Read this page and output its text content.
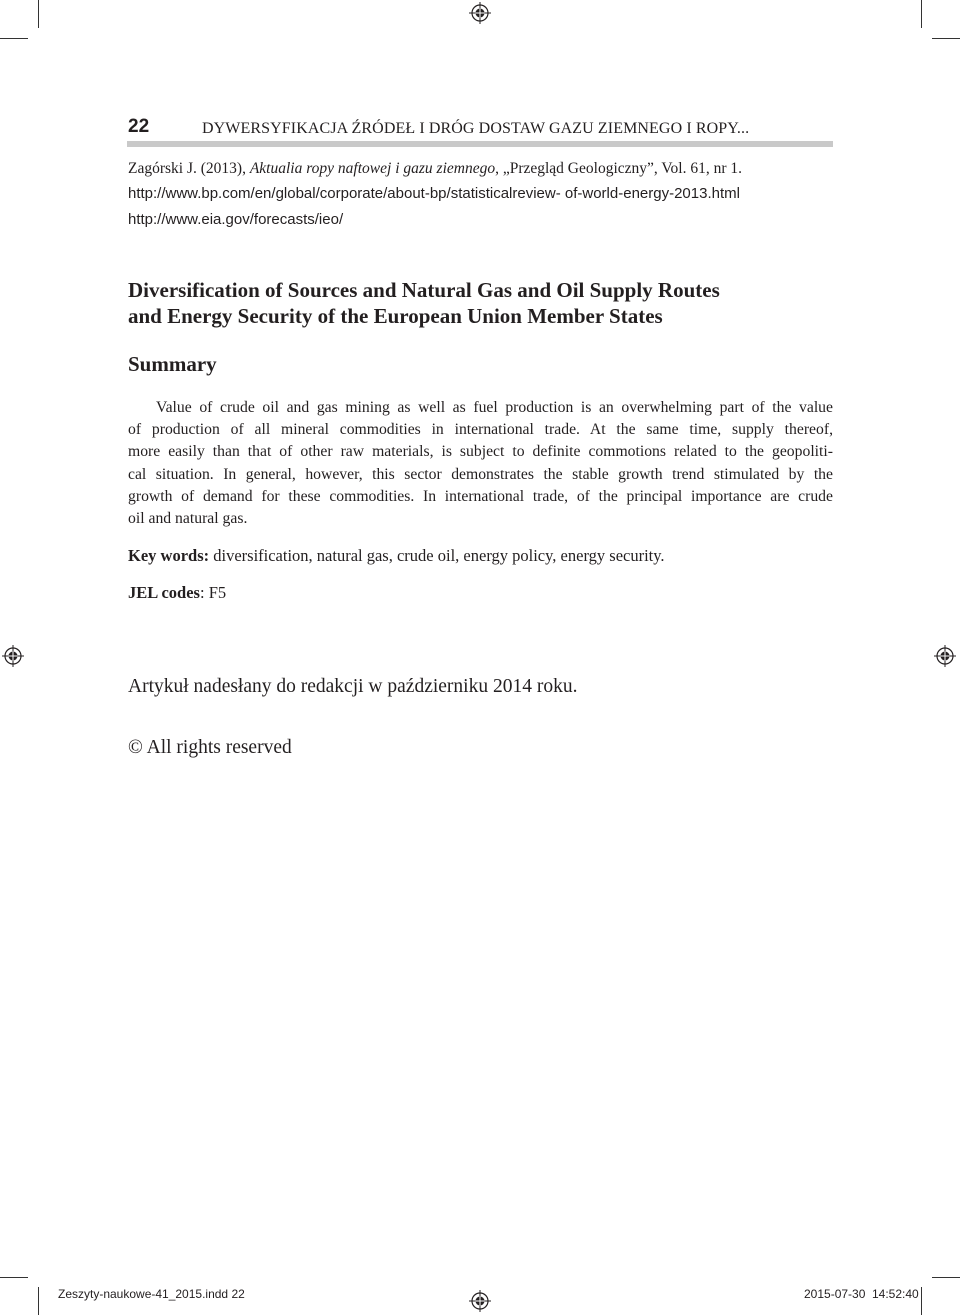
22	DYWERSYFIKACJA ŹRÓDEŁ I DRÓG DOSTAW GAZU ZIEMNEGO I ROPY...
Zagórski J. (2013), Aktualia ropy naftowej i gazu ziemnego, „Przegląd Geologiczny”, Vol. 61, nr 1.
http://www.bp.com/en/global/corporate/about-bp/statisticalreview- of-world-energy-2013.html
http://www.eia.gov/forecasts/ieo/
Diversification of Sources and Natural Gas and Oil Supply Routes
and Energy Security of the European Union Member States
Summary
Value of crude oil and gas mining as well as fuel production is an overwhelming part of the value
of production of all mineral commodities in international trade. At the same time, supply thereof,
more easily than that of other raw materials, is subject to definite commotions related to the geopoliti-
cal situation. In general, however, this sector demonstrates the stable growth trend stimulated by the
growth of demand for these commodities. In international trade, of the principal importance are crude
oil and natural gas.
Key words: diversification, natural gas, crude oil, energy policy, energy security.
JEL codes: F5
Artykuł nadesłany do redakcji w październiku 2014 roku.
© All rights reserved
Zeszyty-naukowe-41_2015.indd 22	2015-07-30 14:52:40
